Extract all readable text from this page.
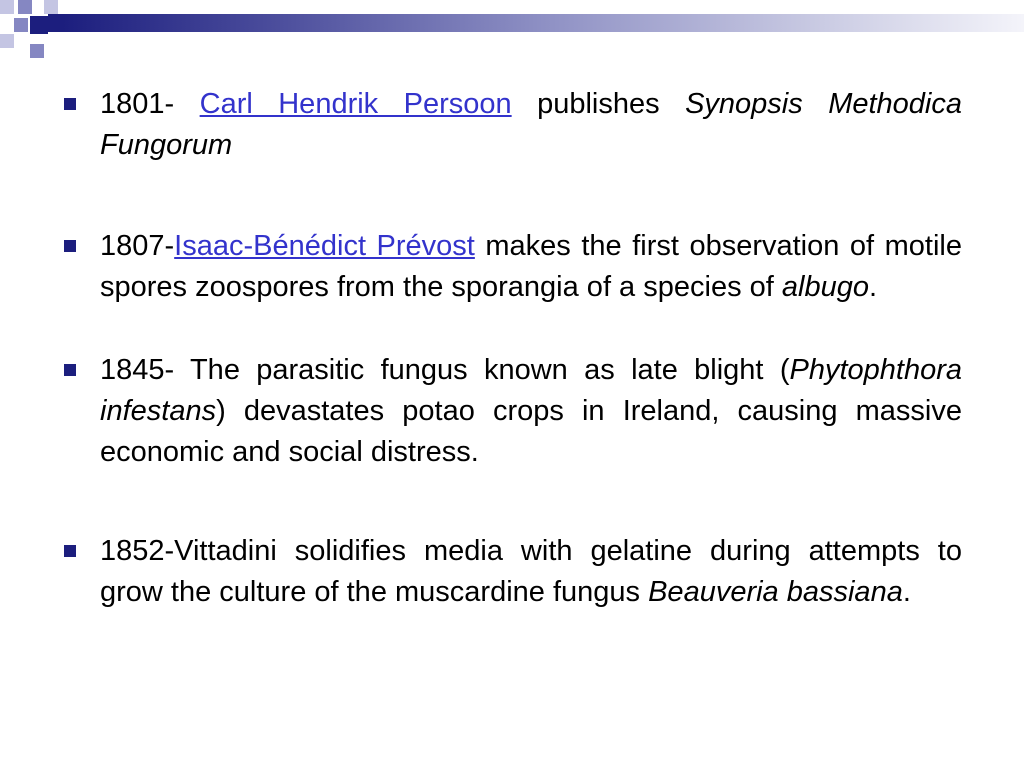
1801- Carl Hendrik Persoon publishes Synopsis Methodica Fungorum
1807-Isaac-Bénédict Prévost makes the first observation of motile spores zoospores from the sporangia of a species of albugo.
1845- The parasitic fungus known as late blight (Phytophthora infestans) devastates potao crops in Ireland, causing massive economic and social distress.
1852-Vittadini solidifies media with gelatine during attempts to grow the culture of the muscardine fungus Beauveria bassiana.
